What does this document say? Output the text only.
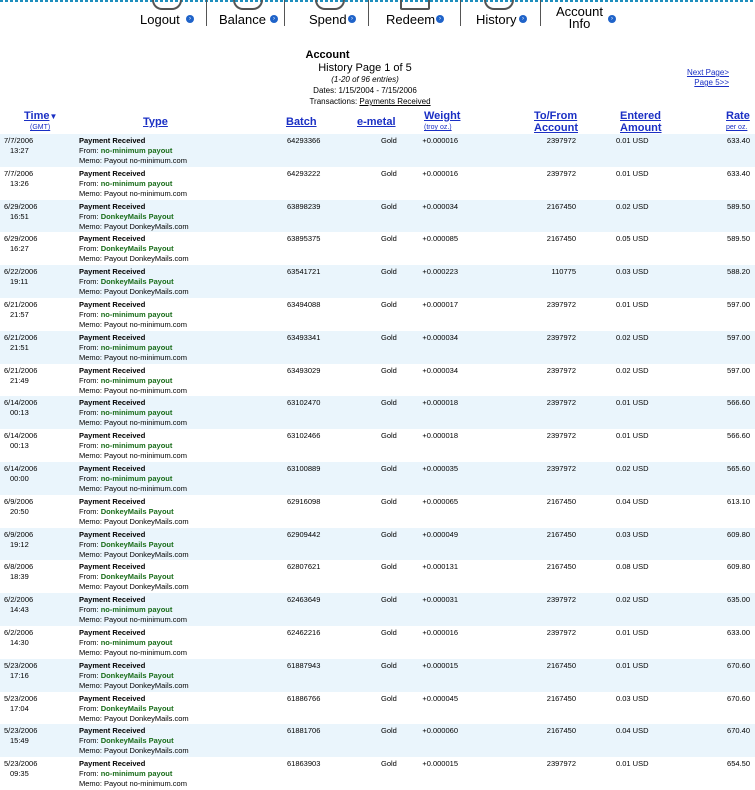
Logout	› Balance	›	Spend ›	Redeem ›	History › Account
Info	›
Account
History Page 1 of 5
(1-20 of 96 entries)
Dates: 1/15/2004 - 7/15/2006
Transactions: Payments Received
Next Page>
Page 5>>
Time▼
(GMT)	Type	Batch	e-metal	Weight
(troy oz.)
To/From
Account
Entered
Amount
Rate
per oz.
7/7/2006
13:27
Payment Received
From: no-minimum payout
Memo: Payout no-minimum.com
64293366	Gold	+0.000016	2397972	0.01 USD	633.40
7/7/2006
13:26
Payment Received
From: no-minimum payout
Memo: Payout no-minimum.com
64293222	Gold	+0.000016	2397972	0.01 USD	633.40
6/29/2006
16:51
Payment Received
From: DonkeyMails Payout
Memo: Payout DonkeyMails.com
63898239	Gold	+0.000034	2167450	0.02 USD	589.50
6/29/2006
16:27
Payment Received
From: DonkeyMails Payout
Memo: Payout DonkeyMails.com
63895375	Gold	+0.000085	2167450	0.05 USD	589.50
6/22/2006
19:11
Payment Received
From: DonkeyMails Payout
Memo: Payout DonkeyMails.com
63541721	Gold	+0.000223	110775	0.03 USD	588.20
6/21/2006
21:57
Payment Received
From: no-minimum payout
Memo: Payout no-minimum.com
63494088	Gold	+0.000017	2397972	0.01 USD	597.00
6/21/2006
21:51
Payment Received
From: no-minimum payout
Memo: Payout no-minimum.com
63493341	Gold	+0.000034	2397972	0.02 USD	597.00
6/21/2006
21:49
Payment Received
From: no-minimum payout
Memo: Payout no-minimum.com
63493029	Gold	+0.000034	2397972	0.02 USD	597.00
6/14/2006
00:13
Payment Received
From: no-minimum payout
Memo: Payout no-minimum.com
63102470	Gold	+0.000018	2397972	0.01 USD	566.60
6/14/2006
00:13
Payment Received
From: no-minimum payout
Memo: Payout no-minimum.com
63102466	Gold	+0.000018	2397972	0.01 USD	566.60
6/14/2006
00:00
Payment Received
From: no-minimum payout
Memo: Payout no-minimum.com
63100889	Gold	+0.000035	2397972	0.02 USD	565.60
6/9/2006
20:50
Payment Received
From: DonkeyMails Payout
Memo: Payout DonkeyMails.com
62916098	Gold	+0.000065	2167450	0.04 USD	613.10
6/9/2006
19:12
Payment Received
From: DonkeyMails Payout
Memo: Payout DonkeyMails.com
62909442	Gold	+0.000049	2167450	0.03 USD	609.80
6/8/2006
18:39
Payment Received
From: DonkeyMails Payout
Memo: Payout DonkeyMails.com
62807621	Gold	+0.000131	2167450	0.08 USD	609.80
6/2/2006
14:43
Payment Received
From: no-minimum payout
Memo: Payout no-minimum.com
62463649	Gold	+0.000031	2397972	0.02 USD	635.00
6/2/2006
14:30
Payment Received
From: no-minimum payout
Memo: Payout no-minimum.com
62462216	Gold	+0.000016	2397972	0.01 USD	633.00
5/23/2006
17:16
Payment Received
From: DonkeyMails Payout
Memo: Payout DonkeyMails.com
61887943	Gold	+0.000015	2167450	0.01 USD	670.60
5/23/2006
17:04
Payment Received
From: DonkeyMails Payout
Memo: Payout DonkeyMails.com
61886766	Gold	+0.000045	2167450	0.03 USD	670.60
5/23/2006
15:49
Payment Received
From: DonkeyMails Payout
Memo: Payout DonkeyMails.com
61881706	Gold	+0.000060	2167450	0.04 USD	670.40
5/23/2006
09:35
Payment Received
From: no-minimum payout
Memo: Payout no-minimum.com
61863903	Gold	+0.000015	2397972	0.01 USD	654.50
